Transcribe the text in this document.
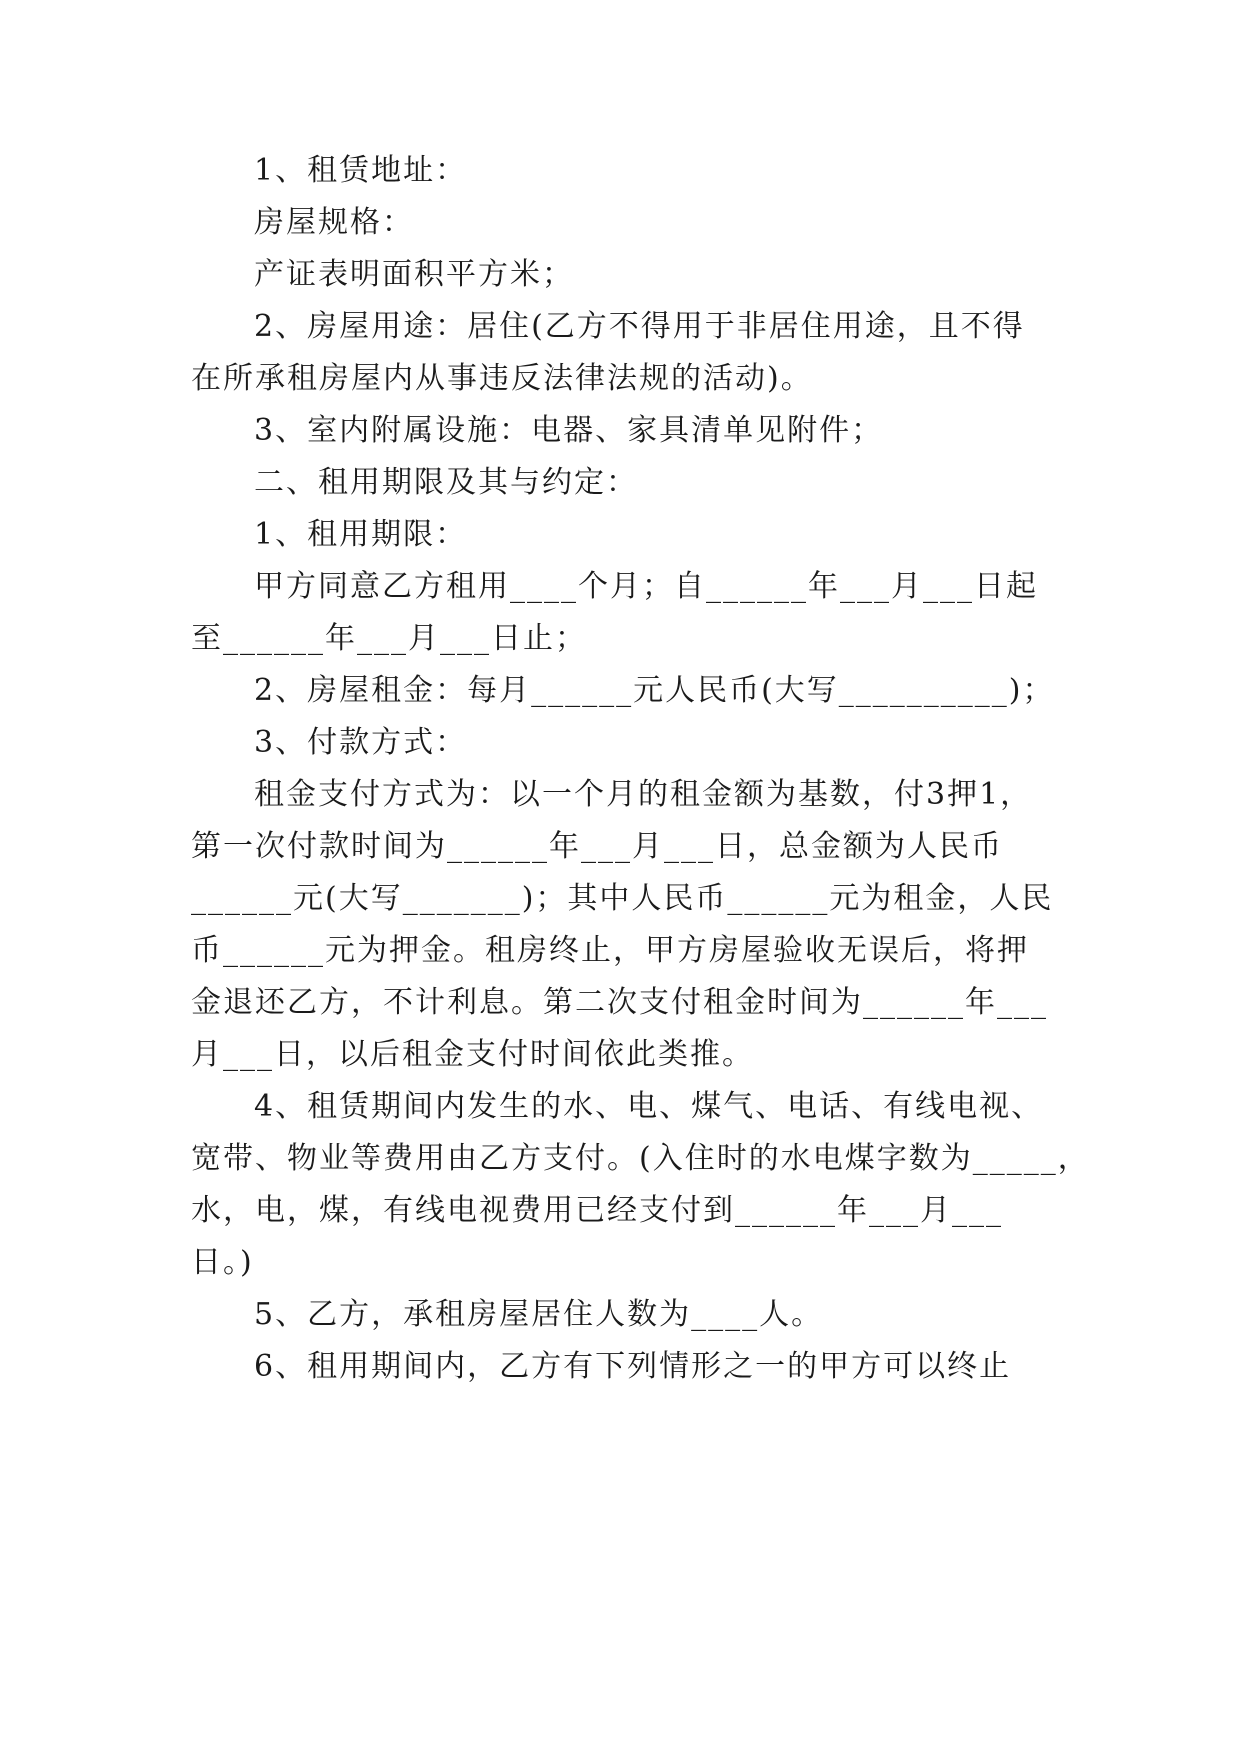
1、租赁地址：
房屋规格：
产证表明面积平方米；
2、房屋用途：居住(乙方不得用于非居住用途，且不得
在所承租房屋内从事违反法律法规的活动)。
3、室内附属设施：电器、家具清单见附件；
二、租用期限及其与约定：
1、租用期限：
甲方同意乙方租用____个月；自______年___月___日起
至______年___月___日止；
2、房屋租金：每月______元人民币(大写__________)；
3、付款方式：
租金支付方式为：以一个月的租金额为基数，付3押1，
第一次付款时间为______年___月___日，总金额为人民币
______元(大写_______)；其中人民币______元为租金，人民
币______元为押金。租房终止，甲方房屋验收无误后，将押
金退还乙方，不计利息。第二次支付租金时间为______年___
月___日，以后租金支付时间依此类推。
4、租赁期间内发生的水、电、煤气、电话、有线电视、
宽带、物业等费用由乙方支付。(入住时的水电煤字数为_____，
水，电，煤，有线电视费用已经支付到______年___月___
日。)
5、乙方，承租房屋居住人数为____人。
6、租用期间内，乙方有下列情形之一的甲方可以终止
